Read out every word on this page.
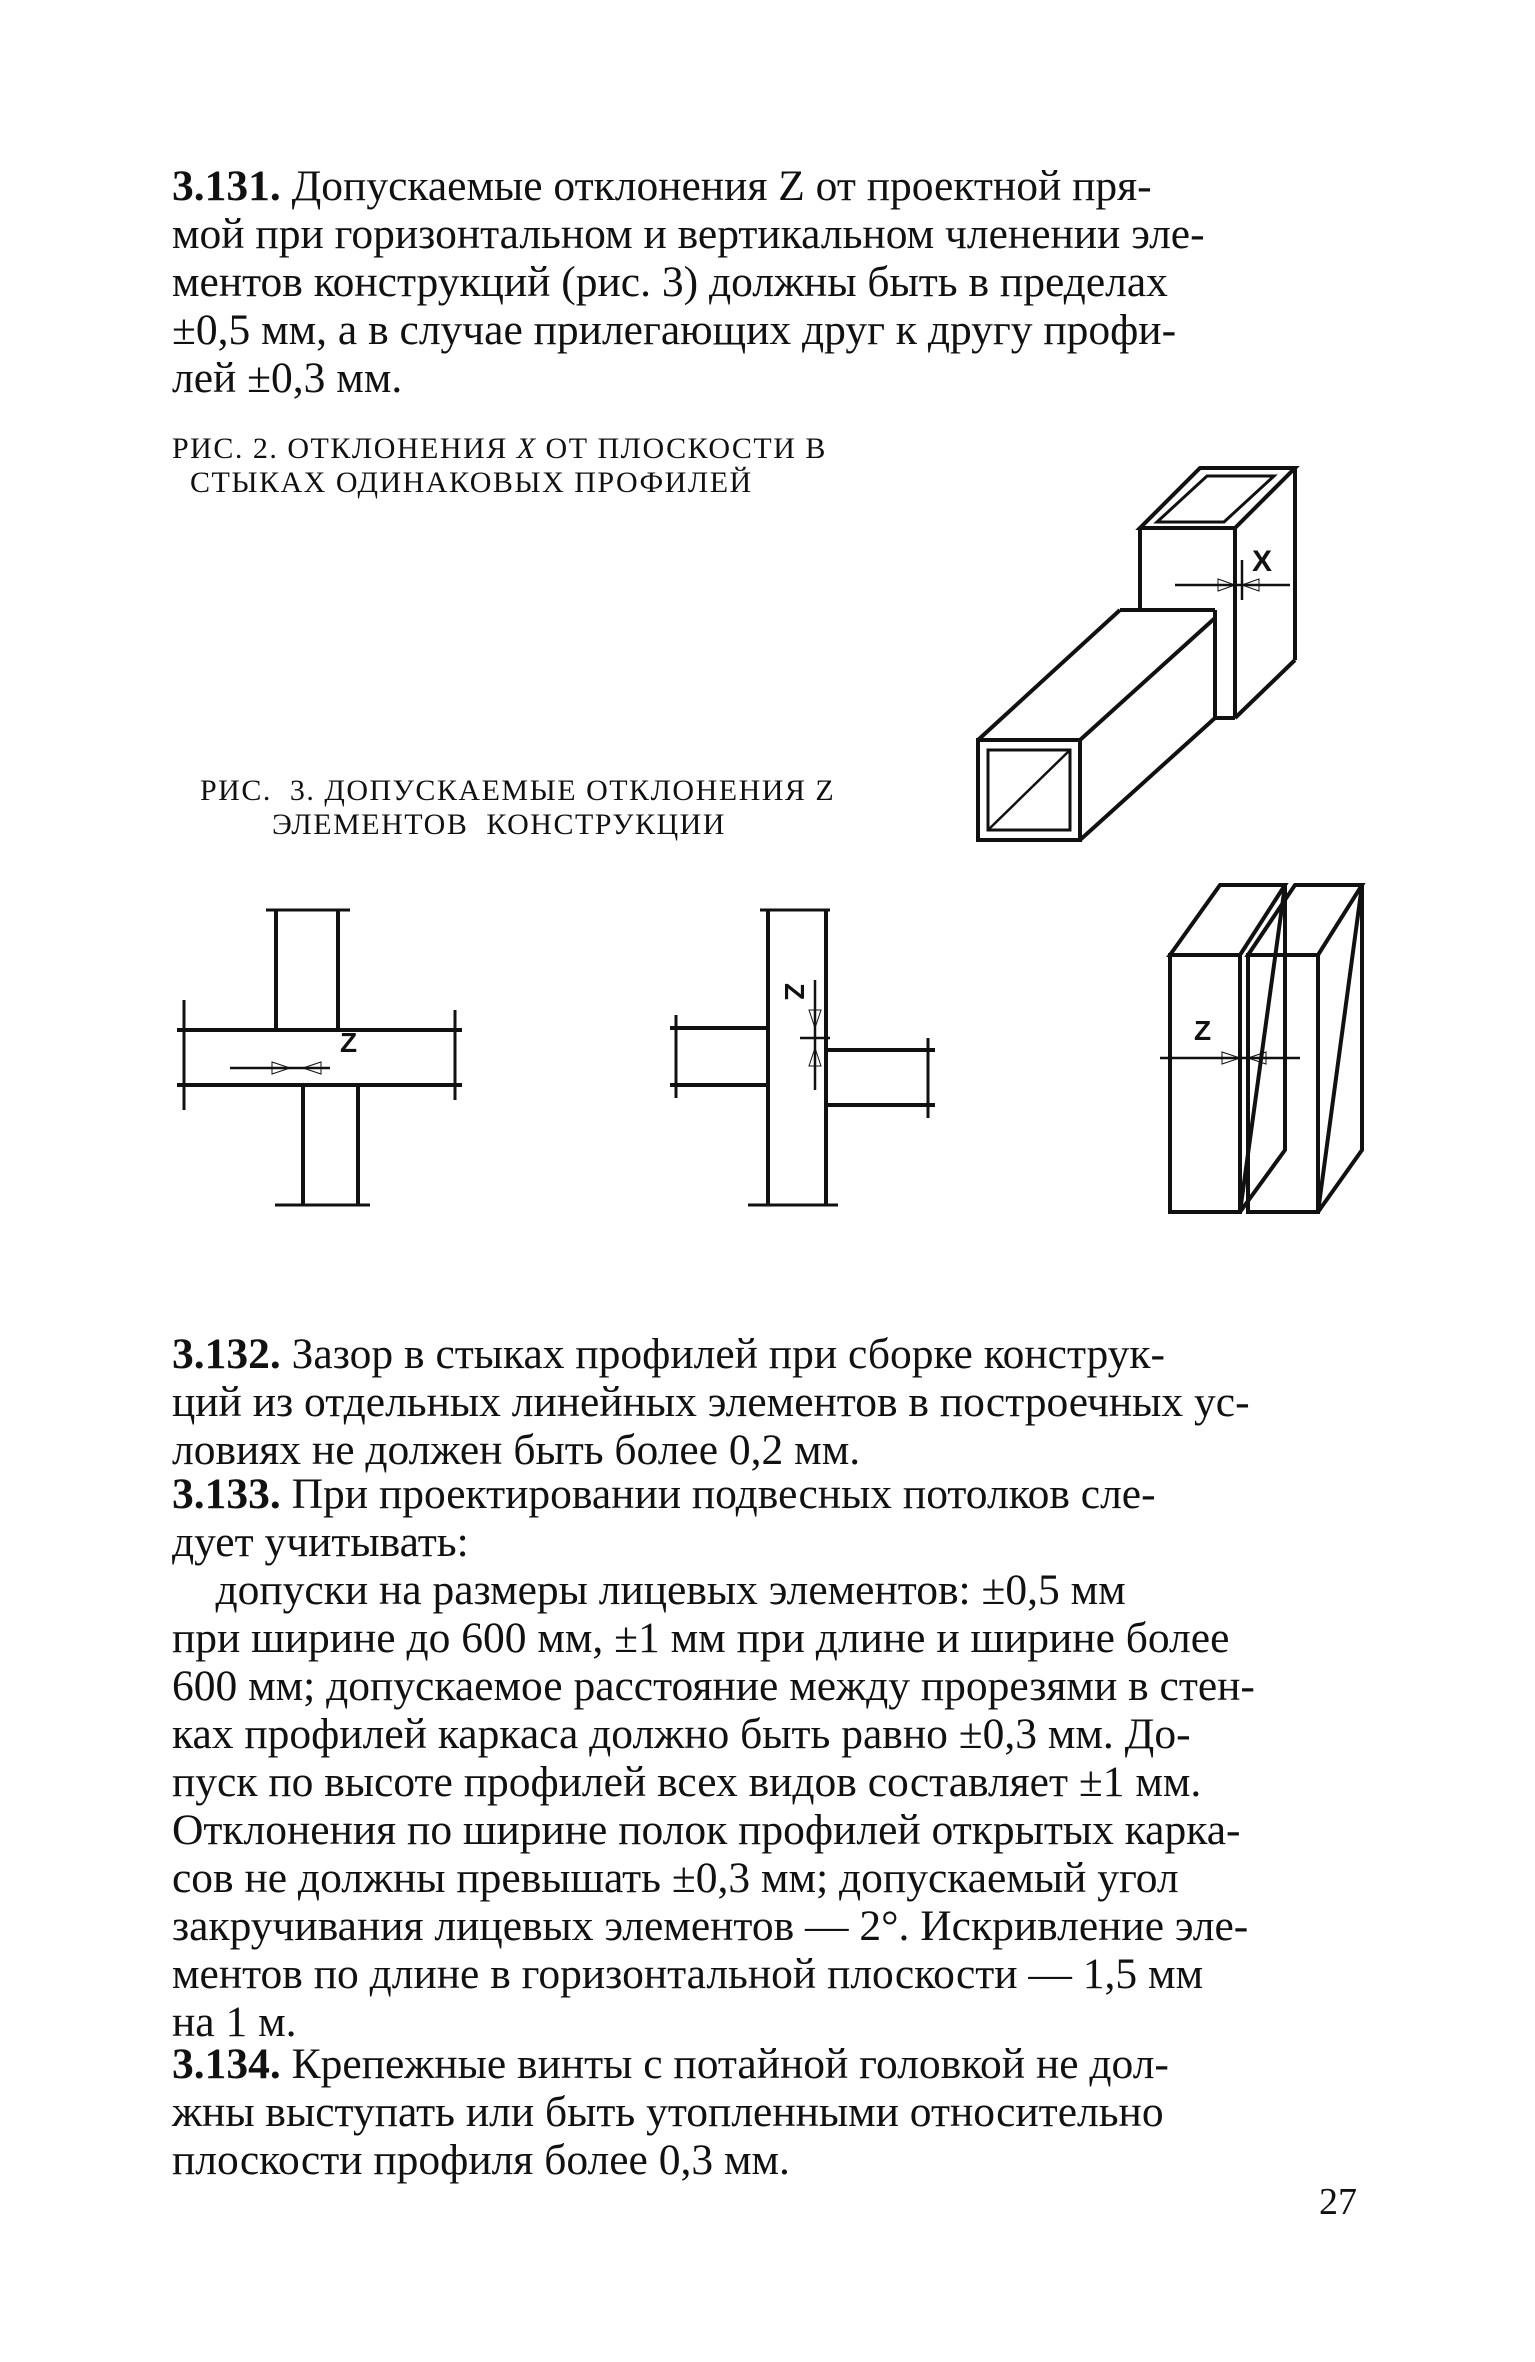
3.131. Допускаемые отклонения Z от проектной пря-
мой при горизонтальном и вертикальном членении эле-
ментов конструкций (рис. 3) должны быть в пределах
±0,5 мм, а в случае прилегающих друг к другу профи-
лей ±0,3 мм.

РИС. 2. ОТКЛОНЕНИЯ X ОТ ПЛОСКОСТИ В
СТЫКАХ ОДИНАКОВЫХ ПРОФИЛЕЙ

X

РИС.  3. ДОПУСКАЕМЫЕ ОТКЛОНЕНИЯ Z
ЭЛЕМЕНТОВ  КОНСТРУКЦИИ

Z
Z
Z

3.132. Зазор в стыках профилей при сборке конструк-
ций из отдельных линейных элементов в построечных ус-
ловиях не должен быть более 0,2 мм.

3.133. При проектировании подвесных потолков сле-
дует учитывать:
допуски на размеры лицевых элементов: ±0,5 мм
при ширине до 600 мм, ±1 мм при длине и ширине более
600 мм; допускаемое расстояние между прорезями в стен-
ках профилей каркаса должно быть равно ±0,3 мм. До-
пуск по высоте профилей всех видов составляет ±1 мм.
Отклонения по ширине полок профилей открытых карка-
сов не должны превышать ±0,3 мм; допускаемый угол
закручивания лицевых элементов — 2°. Искривление эле-
ментов по длине в горизонтальной плоскости — 1,5 мм
на 1 м.

3.134. Крепежные винты с потайной головкой не дол-
жны выступать или быть утопленными относительно
плоскости профиля более 0,3 мм.

27
